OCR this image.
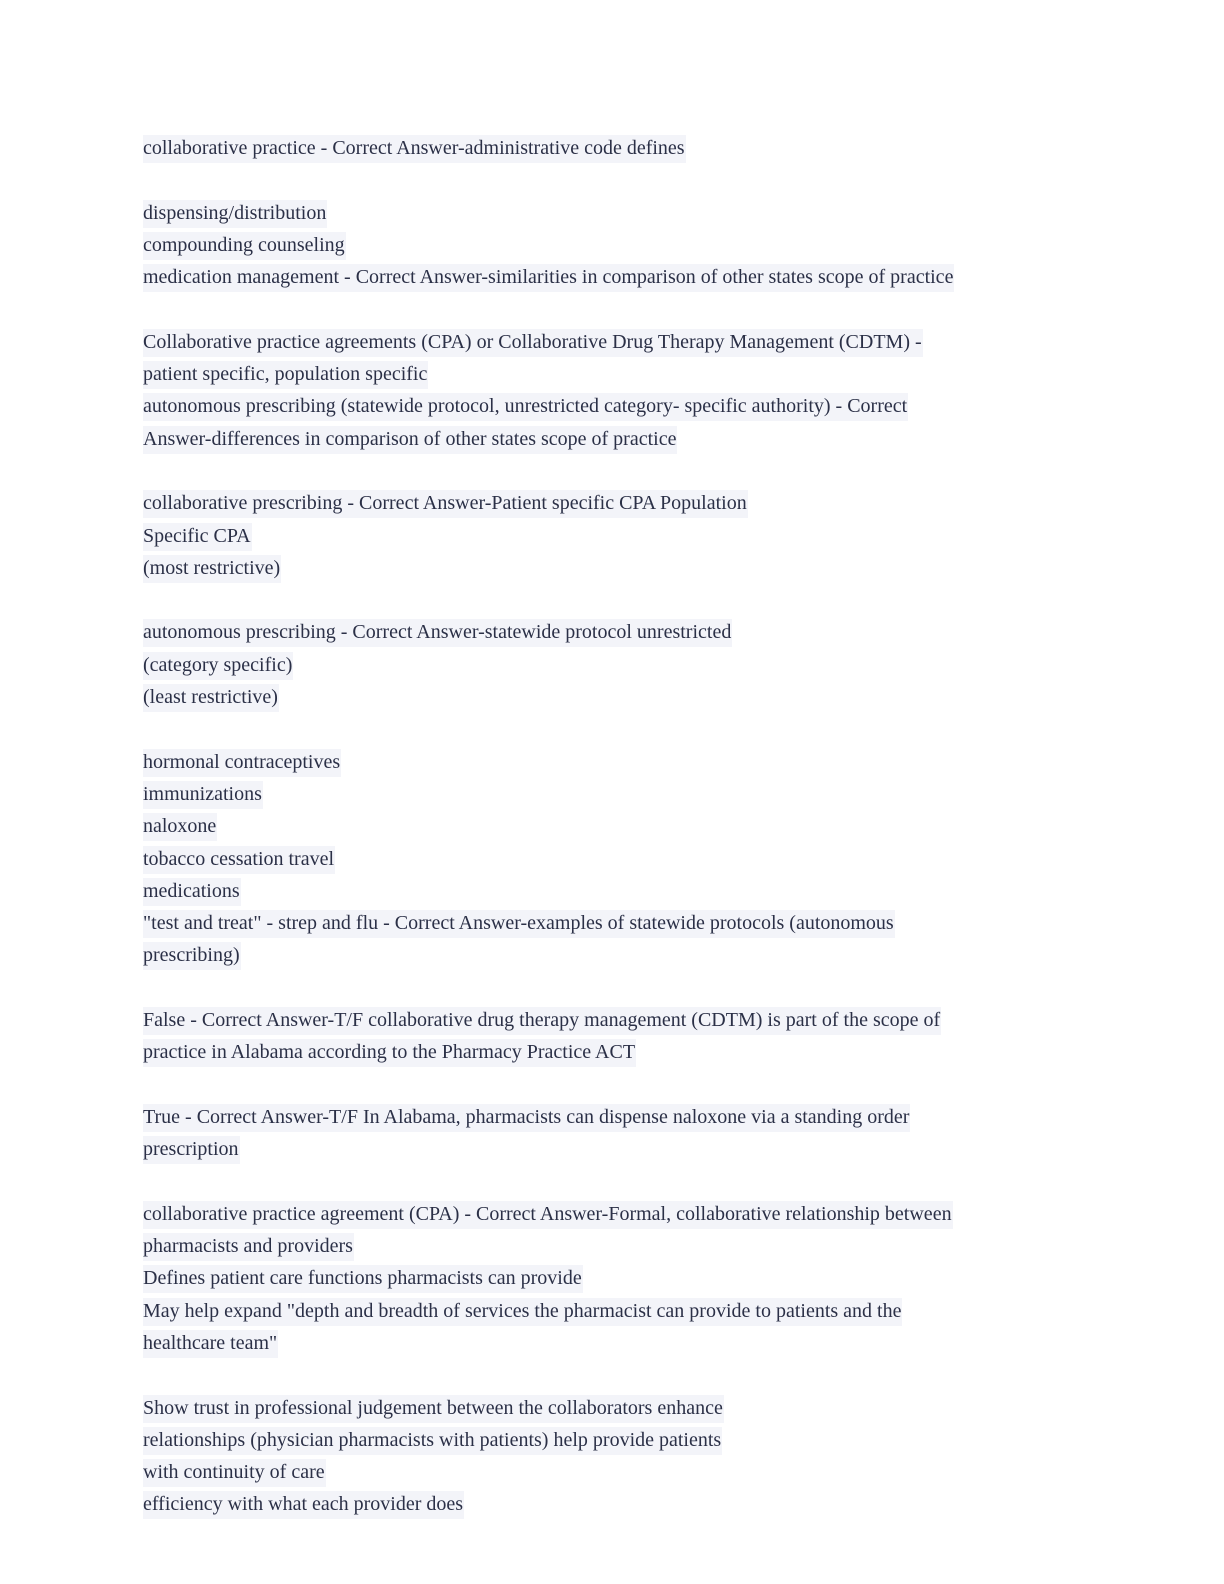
collaborative practice - Correct Answer-administrative code defines
dispensing/distribution
compounding counseling
medication management - Correct Answer-similarities in comparison of other states scope of practice
Collaborative practice agreements (CPA) or Collaborative Drug Therapy Management (CDTM) -
patient specific, population specific
autonomous prescribing (statewide protocol, unrestricted category- specific authority) - Correct
Answer-differences in comparison of other states scope of practice
collaborative prescribing - Correct Answer-Patient specific CPA Population
Specific CPA
(most restrictive)
autonomous prescribing - Correct Answer-statewide protocol unrestricted
(category specific)
(least restrictive)
hormonal contraceptives
immunizations
naloxone
tobacco cessation travel
medications
"test and treat" - strep and flu - Correct Answer-examples of statewide protocols (autonomous
prescribing)
False - Correct Answer-T/F collaborative drug therapy management (CDTM) is part of the scope of
practice in Alabama according to the Pharmacy Practice ACT
True - Correct Answer-T/F In Alabama, pharmacists can dispense naloxone via a standing order
prescription
collaborative practice agreement (CPA) - Correct Answer-Formal, collaborative relationship between
pharmacists and providers
Defines patient care functions pharmacists can provide
May help expand "depth and breadth of services the pharmacist can provide to patients and the
healthcare team"
Show trust in professional judgement between the collaborators enhance
relationships (physician pharmacists with patients) help provide patients
with continuity of care
efficiency with what each provider does
